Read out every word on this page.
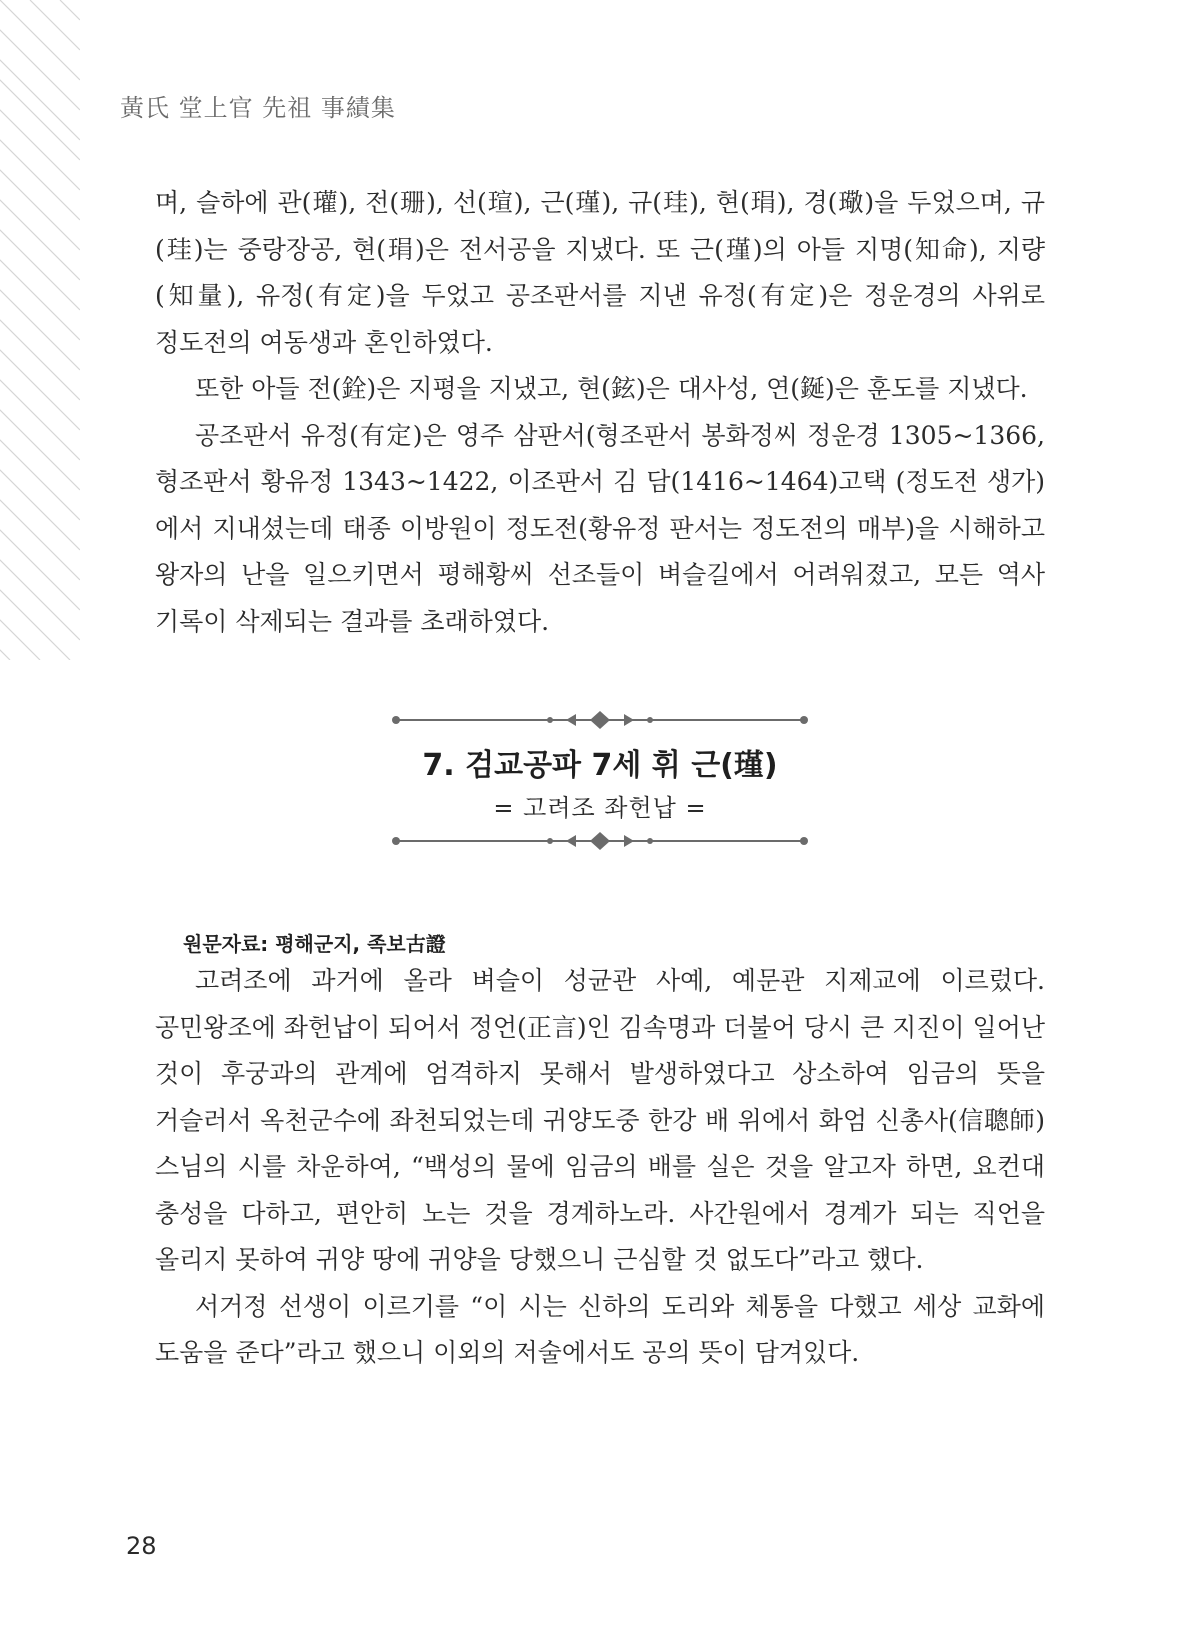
黃氏 堂上官 先祖 事績集

며, 슬하에 관(瓘), 전(珊), 선(瑄), 근(瑾), 규(珪), 현(琄), 경(璥)을 두었으며, 규(珪)는 중랑장공, 현(琄)은 전서공을 지냈다. 또 근(瑾)의 아들 지명(知命), 지량(知量), 유정(有定)을 두었고 공조판서를 지낸 유정(有定)은 정운경의 사위로 정도전의 여동생과 혼인하였다.

또한 아들 전(銓)은 지평을 지냈고, 현(鉉)은 대사성, 연(鋋)은 훈도를 지냈다.

공조판서 유정(有定)은 영주 삼판서(형조판서 봉화정씨 정운경 1305~1366, 형조판서 황유정 1343~1422, 이조판서 김 담(1416~1464)고택 (정도전 생가)에서 지내셨는데 태종 이방원이 정도전(황유정 판서는 정도전의 매부)을 시해하고 왕자의 난을 일으키면서 평해황씨 선조들이 벼슬길에서 어려워졌고, 모든 역사 기록이 삭제되는 결과를 초래하였다.

7. 검교공파 7세 휘 근(瑾)
= 고려조 좌헌납 =
원문자료: 평해군지, 족보古證

고려조에 과거에 올라 벼슬이 성균관 사예, 예문관 지제교에 이르렀다. 공민왕조에 좌헌납이 되어서 정언(正言)인 김속명과 더불어 당시 큰 지진이 일어난 것이 후궁과의 관계에 엄격하지 못해서 발생하였다고 상소하여 임금의 뜻을 거슬러서 옥천군수에 좌천되었는데 귀양도중 한강 배 위에서 화엄 신총사(信聰師) 스님의 시를 차운하여, “백성의 물에 임금의 배를 실은 것을 알고자 하면, 요컨대 충성을 다하고, 편안히 노는 것을 경계하노라. 사간원에서 경계가 되는 직언을 올리지 못하여 귀양 땅에 귀양을 당했으니 근심할 것 없도다”라고 했다.

서거정 선생이 이르기를 “이 시는 신하의 도리와 체통을 다했고 세상 교화에 도움을 준다”라고 했으니 이외의 저술에서도 공의 뜻이 담겨있다.

28
